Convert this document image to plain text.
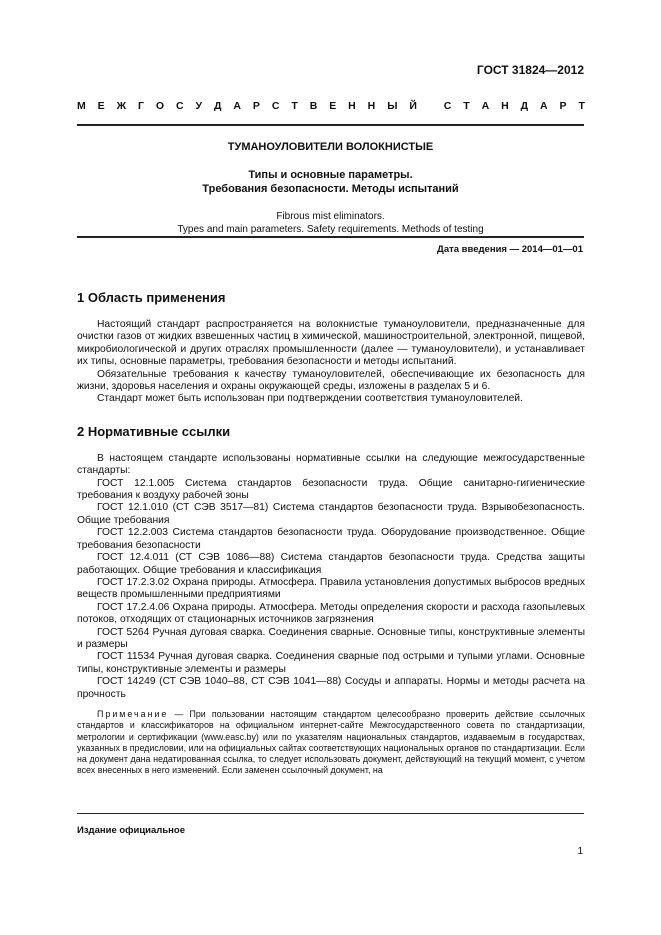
ГОСТ 31824—2012
М Е Ж Г О С У Д А Р С Т В Е Н Н Ы Й
	С Т А Н Д А Р Т

ТУМАНОУЛОВИТЕЛИ ВОЛОКНИСТЫЕ

Типы и основные параметры.
Требования безопасности. Методы испытаний

Fibrous mist eliminators.
Types and main parameters. Safety requirements. Methods of testing

Дата введения — 2014—01—01
1 Область применения

Настоящий стандарт распространяется на волокнистые туманоуловители, предназначенные для очистки газов от жидких взвешенных частиц в химической, машиностроительной, электронной, пищевой, микробиологической и других отраслях промышленности (далее — туманоуловители), и устанавливает их типы, основные параметры, требования безопасности и методы испытаний.

Обязательные требования к качеству туманоуловителей, обеспечивающие их безопасность для жизни, здоровья населения и охраны окружающей среды, изложены в разделах 5 и 6.

Стандарт может быть использован при подтверждении соответствия туманоуловителей.

2 Нормативные ссылки

В настоящем стандарте использованы нормативные ссылки на следующие межгосударственные стандарты:

ГОСТ 12.1.005 Система стандартов безопасности труда. Общие санитарно-гигиенические требования к воздуху рабочей зоны

ГОСТ 12.1.010 (СТ СЭВ 3517—81) Система стандартов безопасности труда. Взрывобезопасность. Общие требования

ГОСТ 12.2.003 Система стандартов безопасности труда. Оборудование производственное. Общие требования безопасности

ГОСТ 12.4.011 (СТ СЭВ 1086—88) Система стандартов безопасности труда. Средства защиты работающих. Общие требования и классификация

ГОСТ 17.2.3.02 Охрана природы. Атмосфера. Правила установления допустимых выбросов вредных веществ промышленными предприятиями

ГОСТ 17.2.4.06 Охрана природы. Атмосфера. Методы определения скорости и расхода газопылевых потоков, отходящих от стационарных источников загрязнения

ГОСТ 5264 Ручная дуговая сварка. Соединения сварные. Основные типы, конструктивные элементы и размеры

ГОСТ 11534 Ручная дуговая сварка. Соединения сварные под острыми и тупыми углами. Основные типы, конструктивные элементы и размеры

ГОСТ 14249 (СТ СЭВ 1040–88, СТ СЭВ 1041—88) Сосуды и аппараты. Нормы и методы расчета на прочность

Примечание — При пользовании настоящим стандартом целесообразно проверить действие ссылочных стандартов и классификаторов на официальном интернет-сайте Межгосударственного совета по стандартизации, метрологии и сертификации (www.easc.by) или по указателям национальных стандартов, издаваемым в государствах, указанных в предисловии, или на официальных сайтах соответствующих национальных органов по стандартизации. Если на документ дана недатированная ссылка, то следует использовать документ, действующий на текущий момент, с учетом всех внесенных в него изменений. Если заменен ссылочный документ, на

Издание официальное
1
